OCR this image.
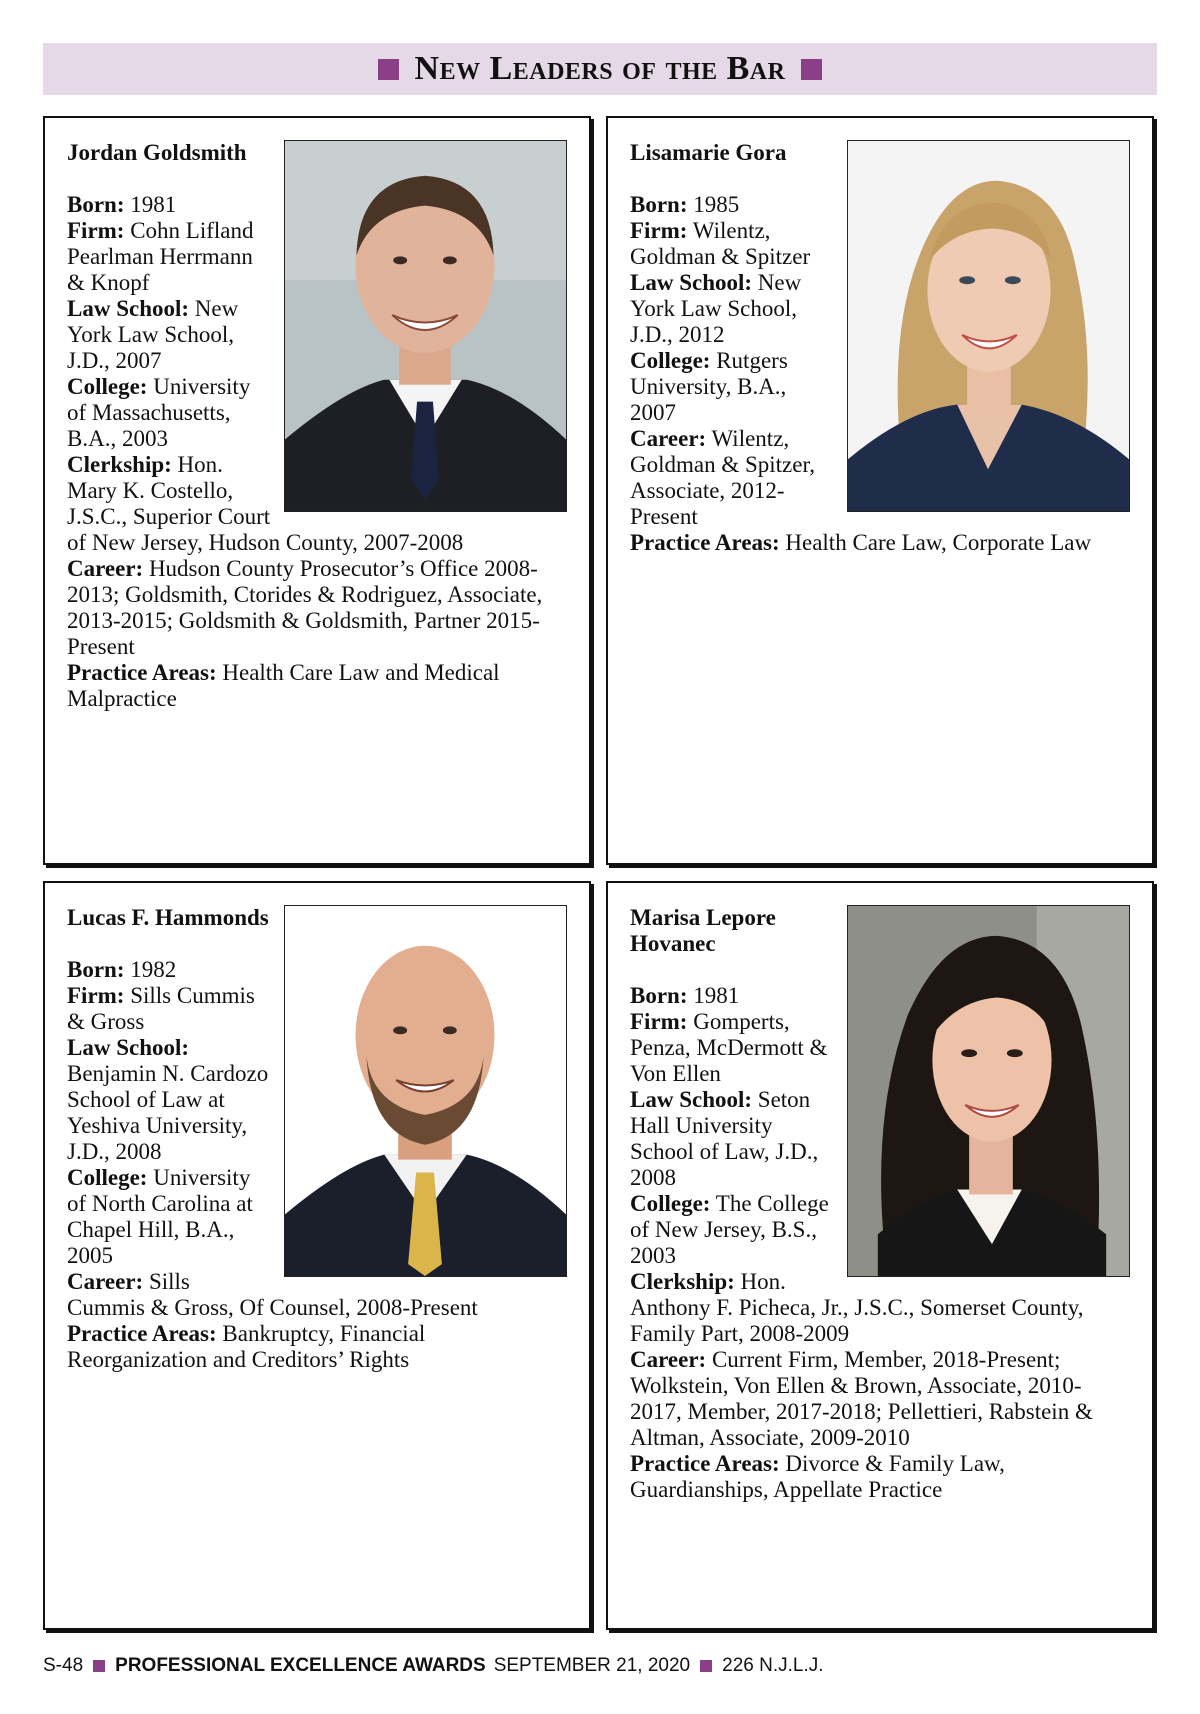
New Leaders of the Bar
Jordan Goldsmith
Born: 1981
Firm: Cohn Lifland Pearlman Herrmann & Knopf
Law School: New York Law School, J.D., 2007
College: University of Massachusetts, B.A., 2003
Clerkship: Hon. Mary K. Costello, J.S.C., Superior Court of New Jersey, Hudson County, 2007-2008
Career: Hudson County Prosecutor’s Office 2008-2013; Goldsmith, Ctorides & Rodriguez, Associate, 2013-2015; Goldsmith & Goldsmith, Partner 2015-Present
Practice Areas: Health Care Law and Medical Malpractice
Lisamarie Gora
Born: 1985
Firm: Wilentz, Goldman & Spitzer
Law School: New York Law School, J.D., 2012
College: Rutgers University, B.A., 2007
Career: Wilentz, Goldman & Spitzer, Associate, 2012-Present
Practice Areas: Health Care Law, Corporate Law
Lucas F. Hammonds
Born: 1982
Firm: Sills Cummis & Gross
Law School: Benjamin N. Cardozo School of Law at Yeshiva University, J.D., 2008
College: University of North Carolina at Chapel Hill, B.A., 2005
Career: Sills Cummis & Gross, Of Counsel, 2008-Present
Practice Areas: Bankruptcy, Financial Reorganization and Creditors’ Rights
Marisa Lepore Hovanec
Born: 1981
Firm: Gomperts, Penza, McDermott & Von Ellen
Law School: Seton Hall University School of Law, J.D., 2008
College: The College of New Jersey, B.S., 2003
Clerkship: Hon. Anthony F. Picheca, Jr., J.S.C., Somerset County, Family Part, 2008-2009
Career: Current Firm, Member, 2018-Present; Wolkstein, Von Ellen & Brown, Associate, 2010-2017, Member, 2017-2018; Pellettieri, Rabstein & Altman, Associate, 2009-2010
Practice Areas: Divorce & Family Law, Guardianships, Appellate Practice
S-48 PROFESSIONAL EXCELLENCE AWARDS SEPTEMBER 21, 2020 226 N.J.L.J.
